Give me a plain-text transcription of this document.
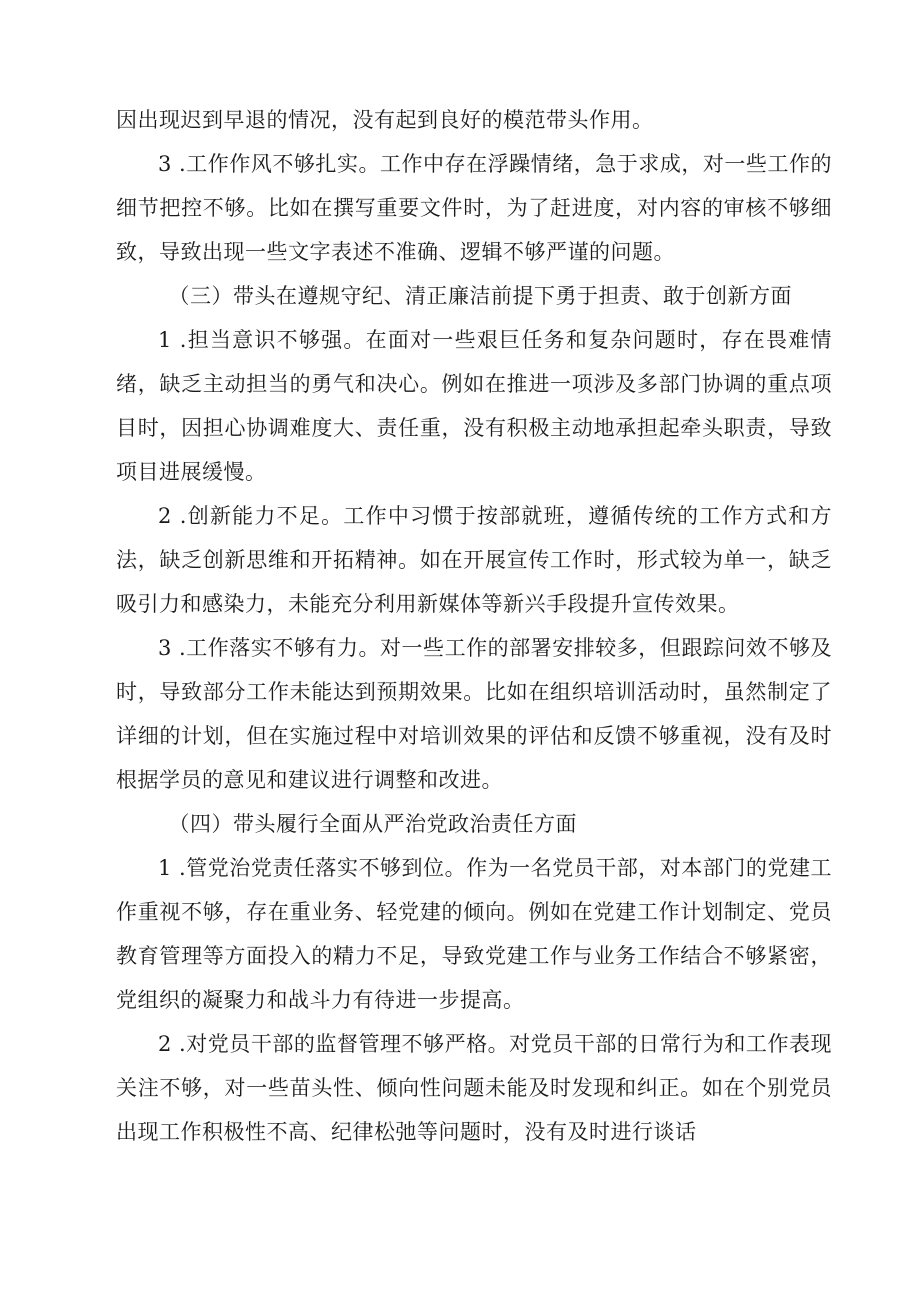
因出现迟到早退的情况，没有起到良好的模范带头作用。

3 .工作作风不够扎实。工作中存在浮躁情绪，急于求成，对一些工作的细节把控不够。比如在撰写重要文件时，为了赶进度，对内容的审核不够细致，导致出现一些文字表述不准确、逻辑不够严谨的问题。

（三）带头在遵规守纪、清正廉洁前提下勇于担责、敢于创新方面

1 .担当意识不够强。在面对一些艰巨任务和复杂问题时，存在畏难情绪，缺乏主动担当的勇气和决心。例如在推进一项涉及多部门协调的重点项目时，因担心协调难度大、责任重，没有积极主动地承担起牵头职责，导致项目进展缓慢。

2 .创新能力不足。工作中习惯于按部就班，遵循传统的工作方式和方法，缺乏创新思维和开拓精神。如在开展宣传工作时，形式较为单一，缺乏吸引力和感染力，未能充分利用新媒体等新兴手段提升宣传效果。

3 .工作落实不够有力。对一些工作的部署安排较多，但跟踪问效不够及时，导致部分工作未能达到预期效果。比如在组织培训活动时，虽然制定了详细的计划，但在实施过程中对培训效果的评估和反馈不够重视，没有及时根据学员的意见和建议进行调整和改进。

（四）带头履行全面从严治党政治责任方面

1 .管党治党责任落实不够到位。作为一名党员干部，对本部门的党建工作重视不够，存在重业务、轻党建的倾向。例如在党建工作计划制定、党员教育管理等方面投入的精力不足，导致党建工作与业务工作结合不够紧密，党组织的凝聚力和战斗力有待进一步提高。

2 .对党员干部的监督管理不够严格。对党员干部的日常行为和工作表现关注不够，对一些苗头性、倾向性问题未能及时发现和纠正。如在个别党员出现工作积极性不高、纪律松弛等问题时，没有及时进行谈话
